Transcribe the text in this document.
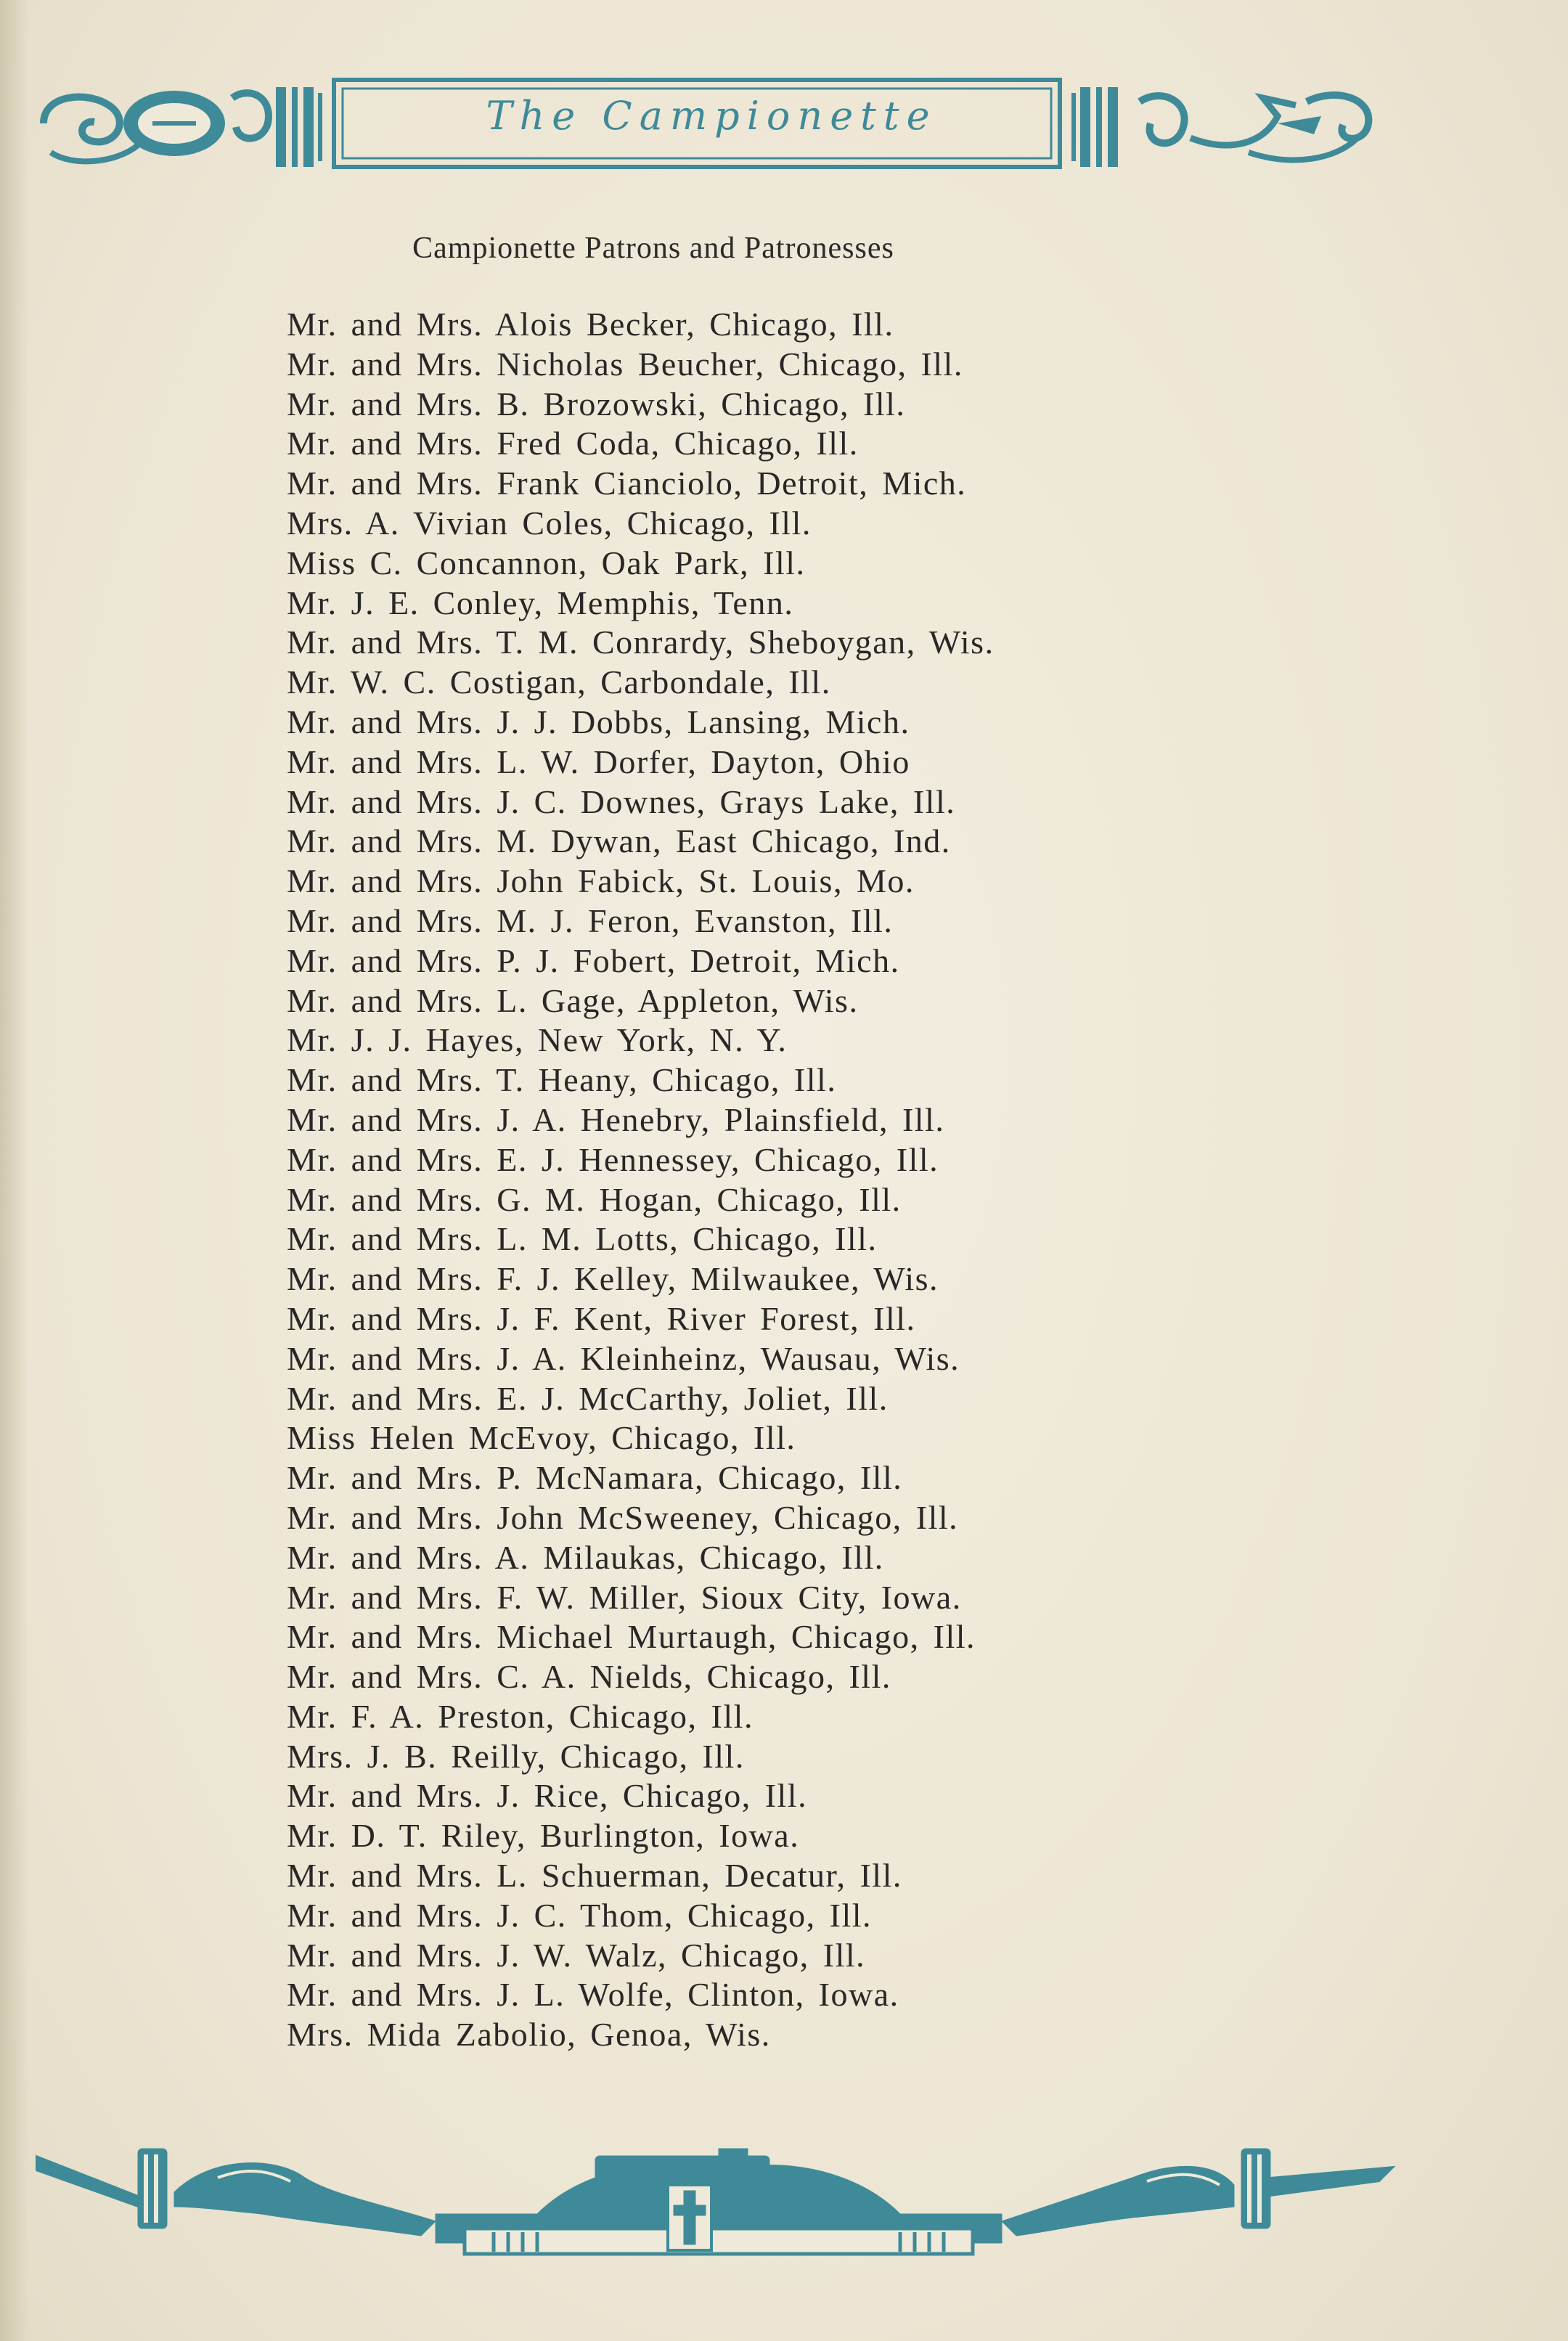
The Campionette
Campionette Patrons and Patronesses
Mr. and Mrs. Alois Becker, Chicago, Ill.
Mr. and Mrs. Nicholas Beucher, Chicago, Ill.
Mr. and Mrs. B. Brozowski, Chicago, Ill.
Mr. and Mrs. Fred Coda, Chicago, Ill.
Mr. and Mrs. Frank Cianciolo, Detroit, Mich.
Mrs. A. Vivian Coles, Chicago, Ill.
Miss C. Concannon, Oak Park, Ill.
Mr. J. E. Conley, Memphis, Tenn.
Mr. and Mrs. T. M. Conrardy, Sheboygan, Wis.
Mr. W. C. Costigan, Carbondale, Ill.
Mr. and Mrs. J. J. Dobbs, Lansing, Mich.
Mr. and Mrs. L. W. Dorfer, Dayton, Ohio
Mr. and Mrs. J. C. Downes, Grays Lake, Ill.
Mr. and Mrs. M. Dywan, East Chicago, Ind.
Mr. and Mrs. John Fabick, St. Louis, Mo.
Mr. and Mrs. M. J. Feron, Evanston, Ill.
Mr. and Mrs. P. J. Fobert, Detroit, Mich.
Mr. and Mrs. L. Gage, Appleton, Wis.
Mr. J. J. Hayes, New York, N. Y.
Mr. and Mrs. T. Heany, Chicago, Ill.
Mr. and Mrs. J. A. Henebry, Plainsfield, Ill.
Mr. and Mrs. E. J. Hennessey, Chicago, Ill.
Mr. and Mrs. G. M. Hogan, Chicago, Ill.
Mr. and Mrs. L. M. Lotts, Chicago, Ill.
Mr. and Mrs. F. J. Kelley, Milwaukee, Wis.
Mr. and Mrs. J. F. Kent, River Forest, Ill.
Mr. and Mrs. J. A. Kleinheinz, Wausau, Wis.
Mr. and Mrs. E. J. McCarthy, Joliet, Ill.
Miss Helen McEvoy, Chicago, Ill.
Mr. and Mrs. P. McNamara, Chicago, Ill.
Mr. and Mrs. John McSweeney, Chicago, Ill.
Mr. and Mrs. A. Milaukas, Chicago, Ill.
Mr. and Mrs. F. W. Miller, Sioux City, Iowa.
Mr. and Mrs. Michael Murtaugh, Chicago, Ill.
Mr. and Mrs. C. A. Nields, Chicago, Ill.
Mr. F. A. Preston, Chicago, Ill.
Mrs. J. B. Reilly, Chicago, Ill.
Mr. and Mrs. J. Rice, Chicago, Ill.
Mr. D. T. Riley, Burlington, Iowa.
Mr. and Mrs. L. Schuerman, Decatur, Ill.
Mr. and Mrs. J. C. Thom, Chicago, Ill.
Mr. and Mrs. J. W. Walz, Chicago, Ill.
Mr. and Mrs. J. L. Wolfe, Clinton, Iowa.
Mrs. Mida Zabolio, Genoa, Wis.
